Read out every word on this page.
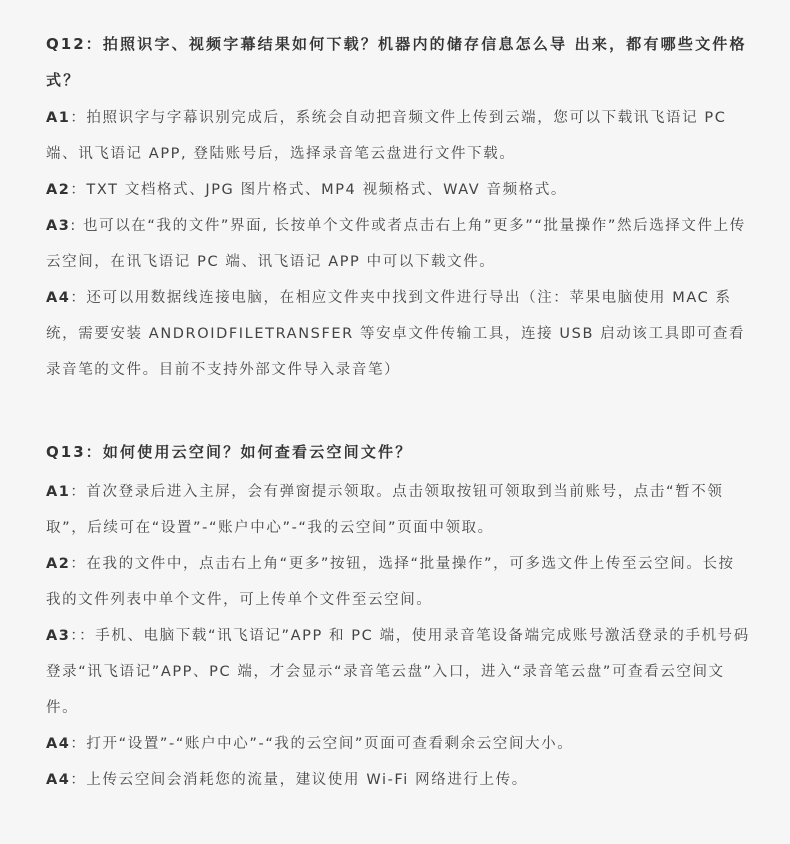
Q12：拍照识字、视频字幕结果如何下载？机器内的储存信息怎么导 出来，都有哪些文件格式？

A1：拍照识字与字幕识别完成后，系统会自动把音频文件上传到云端，您可以下载讯飞语记 PC 端、讯飞语记 APP, 登陆账号后，选择录音笔云盘进行文件下载。

A2：TXT 文档格式、JPG 图片格式、MP4 视频格式、WAV 音频格式。

A3: 也可以在“我的文件”界面, 长按单个文件或者点击右上角”更多”“批量操作”然后选择文件上传云空间，在讯飞语记 PC 端、讯飞语记 APP 中可以下载文件。

A4：还可以用数据线连接电脑，在相应文件夹中找到文件进行导出（注：苹果电脑使用 MAC 系统，需要安装 ANDROIDFILETRANSFER 等安卓文件传输工具，连接 USB 启动该工具即可查看录音笔的文件。目前不支持外部文件导入录音笔）

Q13：如何使用云空间？如何查看云空间文件？

A1：首次登录后进入主屏，会有弹窗提示领取。点击领取按钮可领取到当前账号，点击“暂不领取”，后续可在“设置”-“账户中心”-“我的云空间”页面中领取。

A2：在我的文件中，点击右上角“更多”按钮，选择“批量操作”，可多选文件上传至云空间。长按我的文件列表中单个文件，可上传单个文件至云空间。

A3：：手机、电脑下载“讯飞语记”APP 和 PC 端，使用录音笔设备端完成账号激活登录的手机号码登录“讯飞语记”APP、PC 端，才会显示“录音笔云盘”入口，进入“录音笔云盘”可查看云空间文件。

A4：打开“设置”-“账户中心”-“我的云空间”页面可查看剩余云空间大小。

A4：上传云空间会消耗您的流量，建议使用 Wi-Fi 网络进行上传。
